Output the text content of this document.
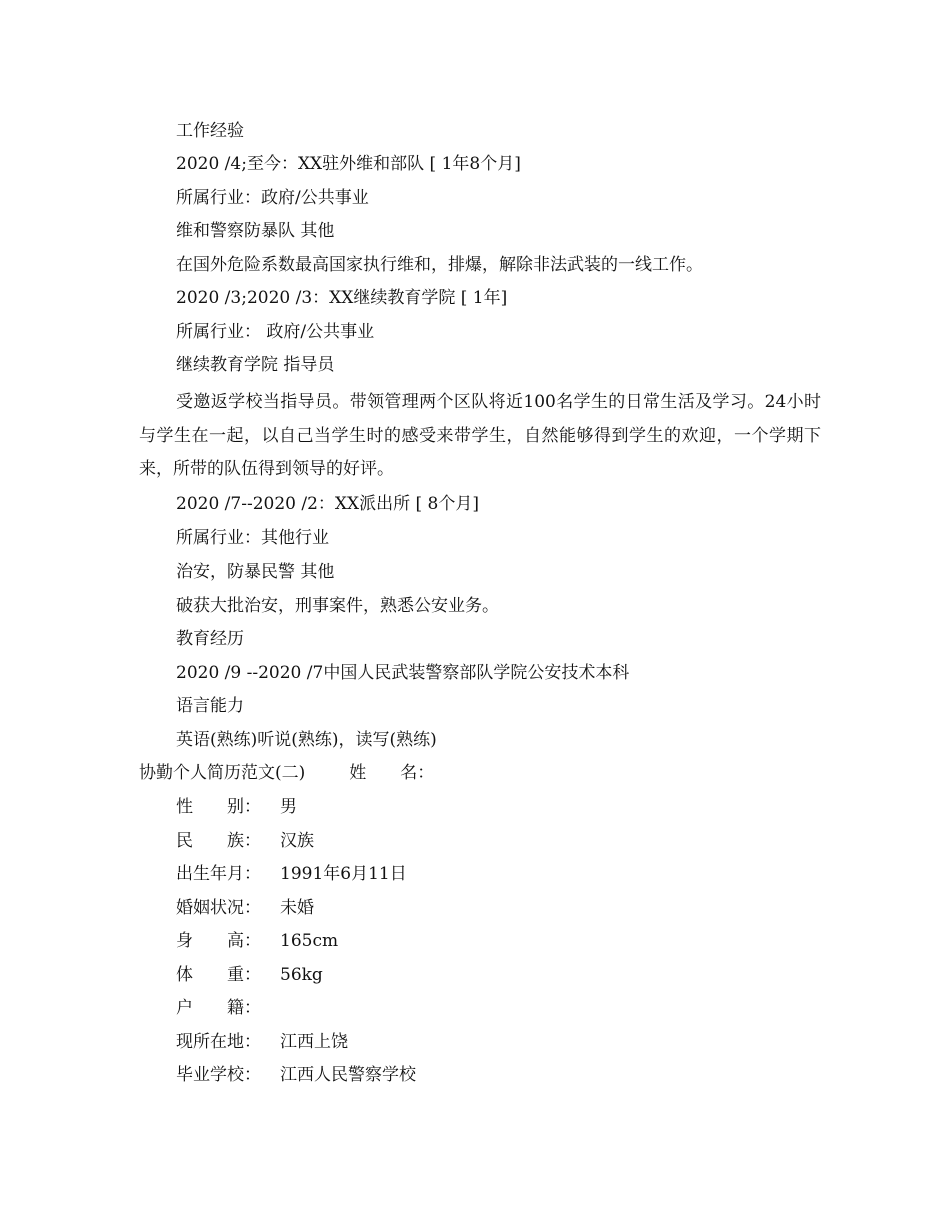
工作经验
2020 /4;至今：XX驻外维和部队 [ 1年8个月]
所属行业：政府/公共事业
维和警察防暴队 其他
在国外危险系数最高国家执行维和，排爆，解除非法武装的一线工作。
2020 /3;2020 /3：XX继续教育学院 [ 1年]
所属行业： 政府/公共事业
继续教育学院 指导员
受邀返学校当指导员。带领管理两个区队将近100名学生的日常生活及学习。24小时与学生在一起，以自己当学生时的感受来带学生，自然能够得到学生的欢迎，一个学期下来，所带的队伍得到领导的好评。
2020 /7--2020 /2：XX派出所 [ 8个月]
所属行业：其他行业
治安，防暴民警 其他
破获大批治安，刑事案件，熟悉公安业务。
教育经历
2020 /9 --2020 /7中国人民武装警察部队学院公安技术本科
语言能力
英语(熟练)听说(熟练)，读写(熟练)
协勤个人简历范文(二)	姓　　名：
性　　别： 男
民　　族： 汉族
出生年月： 1991年6月11日
婚姻状况： 未婚
身　　高： 165cm
体　　重： 56kg
户　　籍：
现所在地： 江西上饶
毕业学校： 江西人民警察学校
